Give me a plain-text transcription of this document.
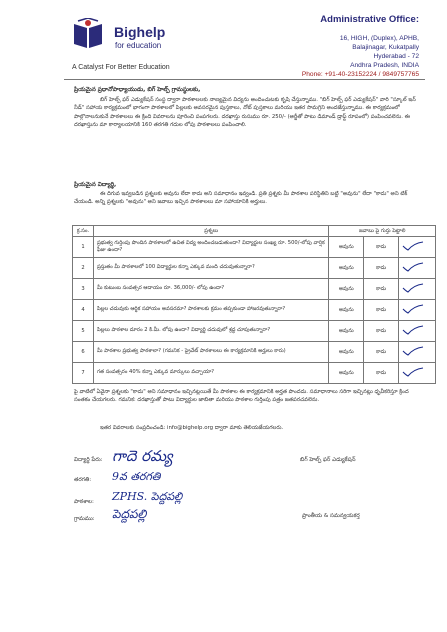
Bighelp
for education
A Catalyst For Better Education
Administrative Office:
16, HIGH, (Duplex), APHB,
Balajinagar, Kukatpally
Hyderabad - 72
Andhra Pradesh, INDIA
Phone: +91-40-23152224 / 9849757765
ప్రియమైన ప్రధానోపాధ్యాయుడు, బిగ్ హెల్ప్ గ్రామస్థులకు,
బిగ్ హెల్ప్ ఫర్ ఎడ్యుకేషన్ సంస్థ ద్వారా పాఠశాలలకు నాణ్యమైన విద్యను అందించుటకు కృషి చేస్తున్నాము. "బిగ్ హెల్ప్ ఫర్ ఎడ్యుకేషన్" వారి "స్కూల్ ఇన్ నీడ్" సహాయ కార్యక్రమంలో భాగంగా పాఠశాలలో పిల్లలకు అవసరమైన పుస్తకాలు, నోట్ పుస్తకాలు మరియు ఇతర సామగ్రిని అందజేస్తున్నాము. ఈ కార్యక్రమంలో పాల్గొనాలనుకునే పాఠశాలలు ఈ క్రింది వివరాలను పూరించి పంపగలరు. దరఖాస్తు రుసుము రూ. 250/- (అర్జీతో పాటు డిమాండ్ డ్రాఫ్ట్ రూపంలో) పంపించవలెను. ఈ దరఖాస్తును మా కార్యాలయానికి 160 తరగతి గదుల లోపు పాఠశాలలు పంపించాలి.
ప్రియమైన విద్యార్థి,
ఈ దిగువ ఇవ్వబడిన ప్రశ్నలకు అవును లేదా కాదు అని సమాధానం ఇవ్వండి. ప్రతి ప్రశ్నకు మీ పాఠశాల పరిస్థితిని బట్టి "అవును" లేదా "కాదు" అని టిక్ చేయండి. అన్ని ప్రశ్నలకు "అవును" అని జవాబు ఇచ్చిన పాఠశాలలు మా సహాయానికి అర్హులు.
క్ర.సం.	ప్రశ్నలు	జవాబు పై గుర్తు పెట్టాలి		
1	ప్రభుత్వ గుర్తింపు పొందిన పాఠశాలలో ఉచిత విద్య అందించబడుతుందా? విద్యార్థుల సంఖ్య రూ. 500/-లోపు వార్షిక ఫీజు ఉందా?	అవును	కాదు	
2	ప్రస్తుతం మీ పాఠశాలలో 100 విద్యార్థుల కన్నా ఎక్కువ మంది చదువుతున్నారా?	అవును	కాదు	
3	మీ కుటుంబ సంవత్సర ఆదాయం రూ. 36,000/- లోపు ఉందా?	అవును	కాదు	
4	పిల్లల చదువుకు ఆర్థిక సహాయం అవసరమా? పాఠశాలకు క్రమం తప్పకుండా హాజరవుతున్నారా?	అవును	కాదు	
5	పిల్లలు పాఠశాల దూరం 2 కి.మీ. లోపు ఉందా? విద్యార్థి చదువులో శ్రద్ధ చూపుతున్నారా?	అవును	కాదు	
6	మీ పాఠశాల ప్రభుత్వ పాఠశాలా? (గమనిక - ప్రైవేట్ పాఠశాలలు ఈ కార్యక్రమానికి అర్హులు కారు)	అవును	కాదు	
7	గత సంవత్సరం 40% కన్నా ఎక్కువ మార్కులు వచ్చాయా?	అవును	కాదు	
పై వాటిలో ఏవైనా ప్రశ్నలకు "కాదు" అని సమాధానం ఇచ్చినట్లయితే మీ పాఠశాల ఈ కార్యక్రమానికి అర్హత పొందదు. సమాధానాలు సరిగా ఇచ్చినట్లు ధృవీకరిస్తూ క్రింద సంతకం చేయగలరు. గమనిక: దరఖాస్తుతో పాటు విద్యార్థుల జాబితా మరియు పాఠశాల గుర్తింపు పత్రం జతపరచవలెను.
ఇతర వివరాలకు సంప్రదించండి: info@bighelp.org ద్వారా మాకు తెలియజేయగలరు.
విద్యార్థి పేరు: గాదె రమ్య
తరగతి: 9వ తరగతి
పాఠశాల: ZPHS. పెద్దపల్లి
గ్రామము: పెద్దపల్లి
బిగ్ హెల్ప్ ఫర్ ఎడ్యుకేషన్
ప్రాంతీయ & సమన్వయకర్త
